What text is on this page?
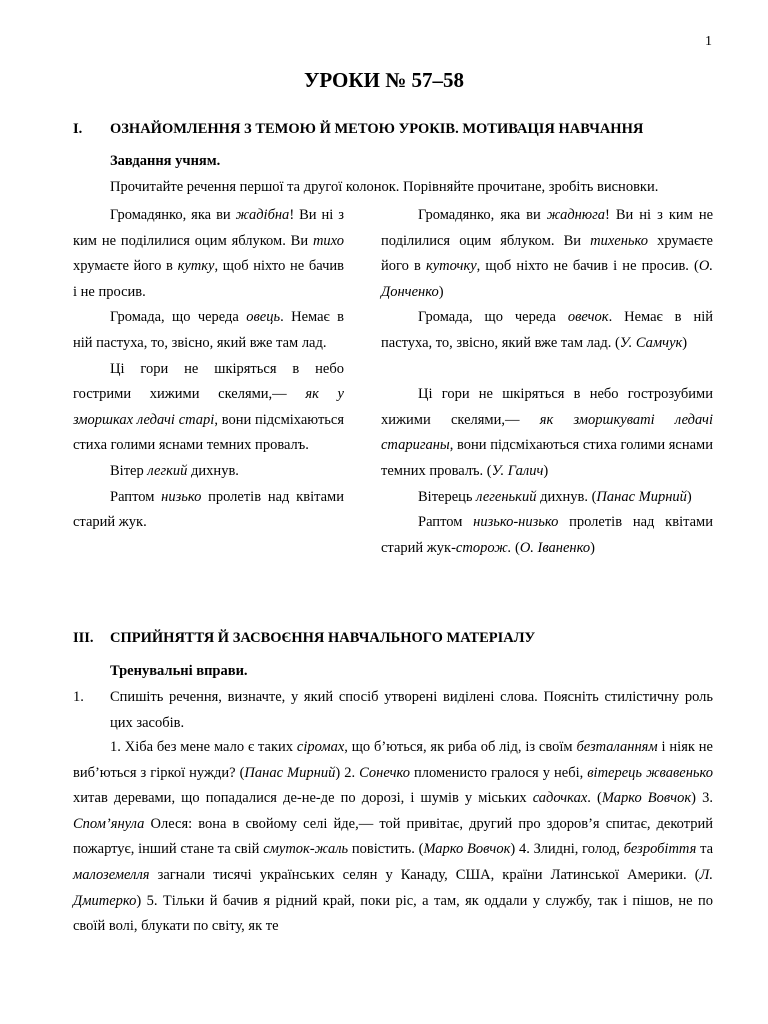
1
УРОКИ № 57–58
I. ОЗНАЙОМЛЕННЯ З ТЕМОЮ Й МЕТОЮ УРОКІВ. МОТИВАЦІЯ НАВЧАННЯ
Завдання учням.
Прочитайте речення першої та другої колонок. Порівняйте прочитане, зробіть висновки.

Громадянко, яка ви жадібна! Ви ні з ким не поділилися оцим яблуком. Ви тихо хрумаєте його в кутку, щоб ніхто не бачив і не просив.

Громада, що череда овець. Немає в ній пастуха, то, звісно, який вже там лад.

Ці гори не шкіряться в небо гострими хижими скелями,— як у зморшках ледачі старі, вони підсміхаються стиха голими яснами темних провалъ.

Вітер легкий дихнув.

Раптом низько пролетів над квітами старий жук.

Громадянко, яка ви жаднюга! Ви ні з ким не поділилися оцим яблуком. Ви тихенько хрумаєте його в куточку, щоб ніхто не бачив і не просив. (О. Донченко)

Громада, що череда овечок. Немає в ній пастуха, то, звісно, який вже там лад. (У. Самчук)

Ці гори не шкіряться в небо гострозубими хижими скелями,— як зморшкуваті ледачі стариганы, вони підсміхаються стиха голими яснами темних провалъ. (У. Галич)

Вітерець легенький дихнув. (Панас Мирний)

Раптом низько-низько пролетів над квітами старий жук-сторож. (О. Іваненко)

III. СПРИЙНЯТТЯ Й ЗАСВОЄННЯ НАВЧАЛЬНОГО МАТЕРІАЛУ
Тренувальні вправи.
1. Спишіть речення, визначте, у який спосіб утворені виділені слова. Поясніть стилістичну роль цих засобів.
1. Хіба без мене мало є таких сіромах, що б’ються, як риба об лід, із своїм безталанням і ніяк не виб’ються з гіркої нужди? (Панас Мирний) 2. Сонечко пломенисто гралося у небі, вітерець жвавенько хитав деревами, що попадалися де-не-де по дорозі, і шумів у міських садочках. (Марко Вовчок) 3. Спом’янула Олеся: вона в свойому селі йде,— той привітає, другий про здоров’я спитає, декотрий пожартує, інший стане та свій смуток-жаль повістить. (Марко Вовчок) 4. Злидні, голод, безробіття та малоземелля загнали тисячі українських селян у Канаду, США, країни Латинської Америки. (Л. Дмитерко) 5. Тільки й бачив я рідний край, поки ріс, а там, як оддали у службу, так і пішов, не по своїй волі, блукати по світу, як те
